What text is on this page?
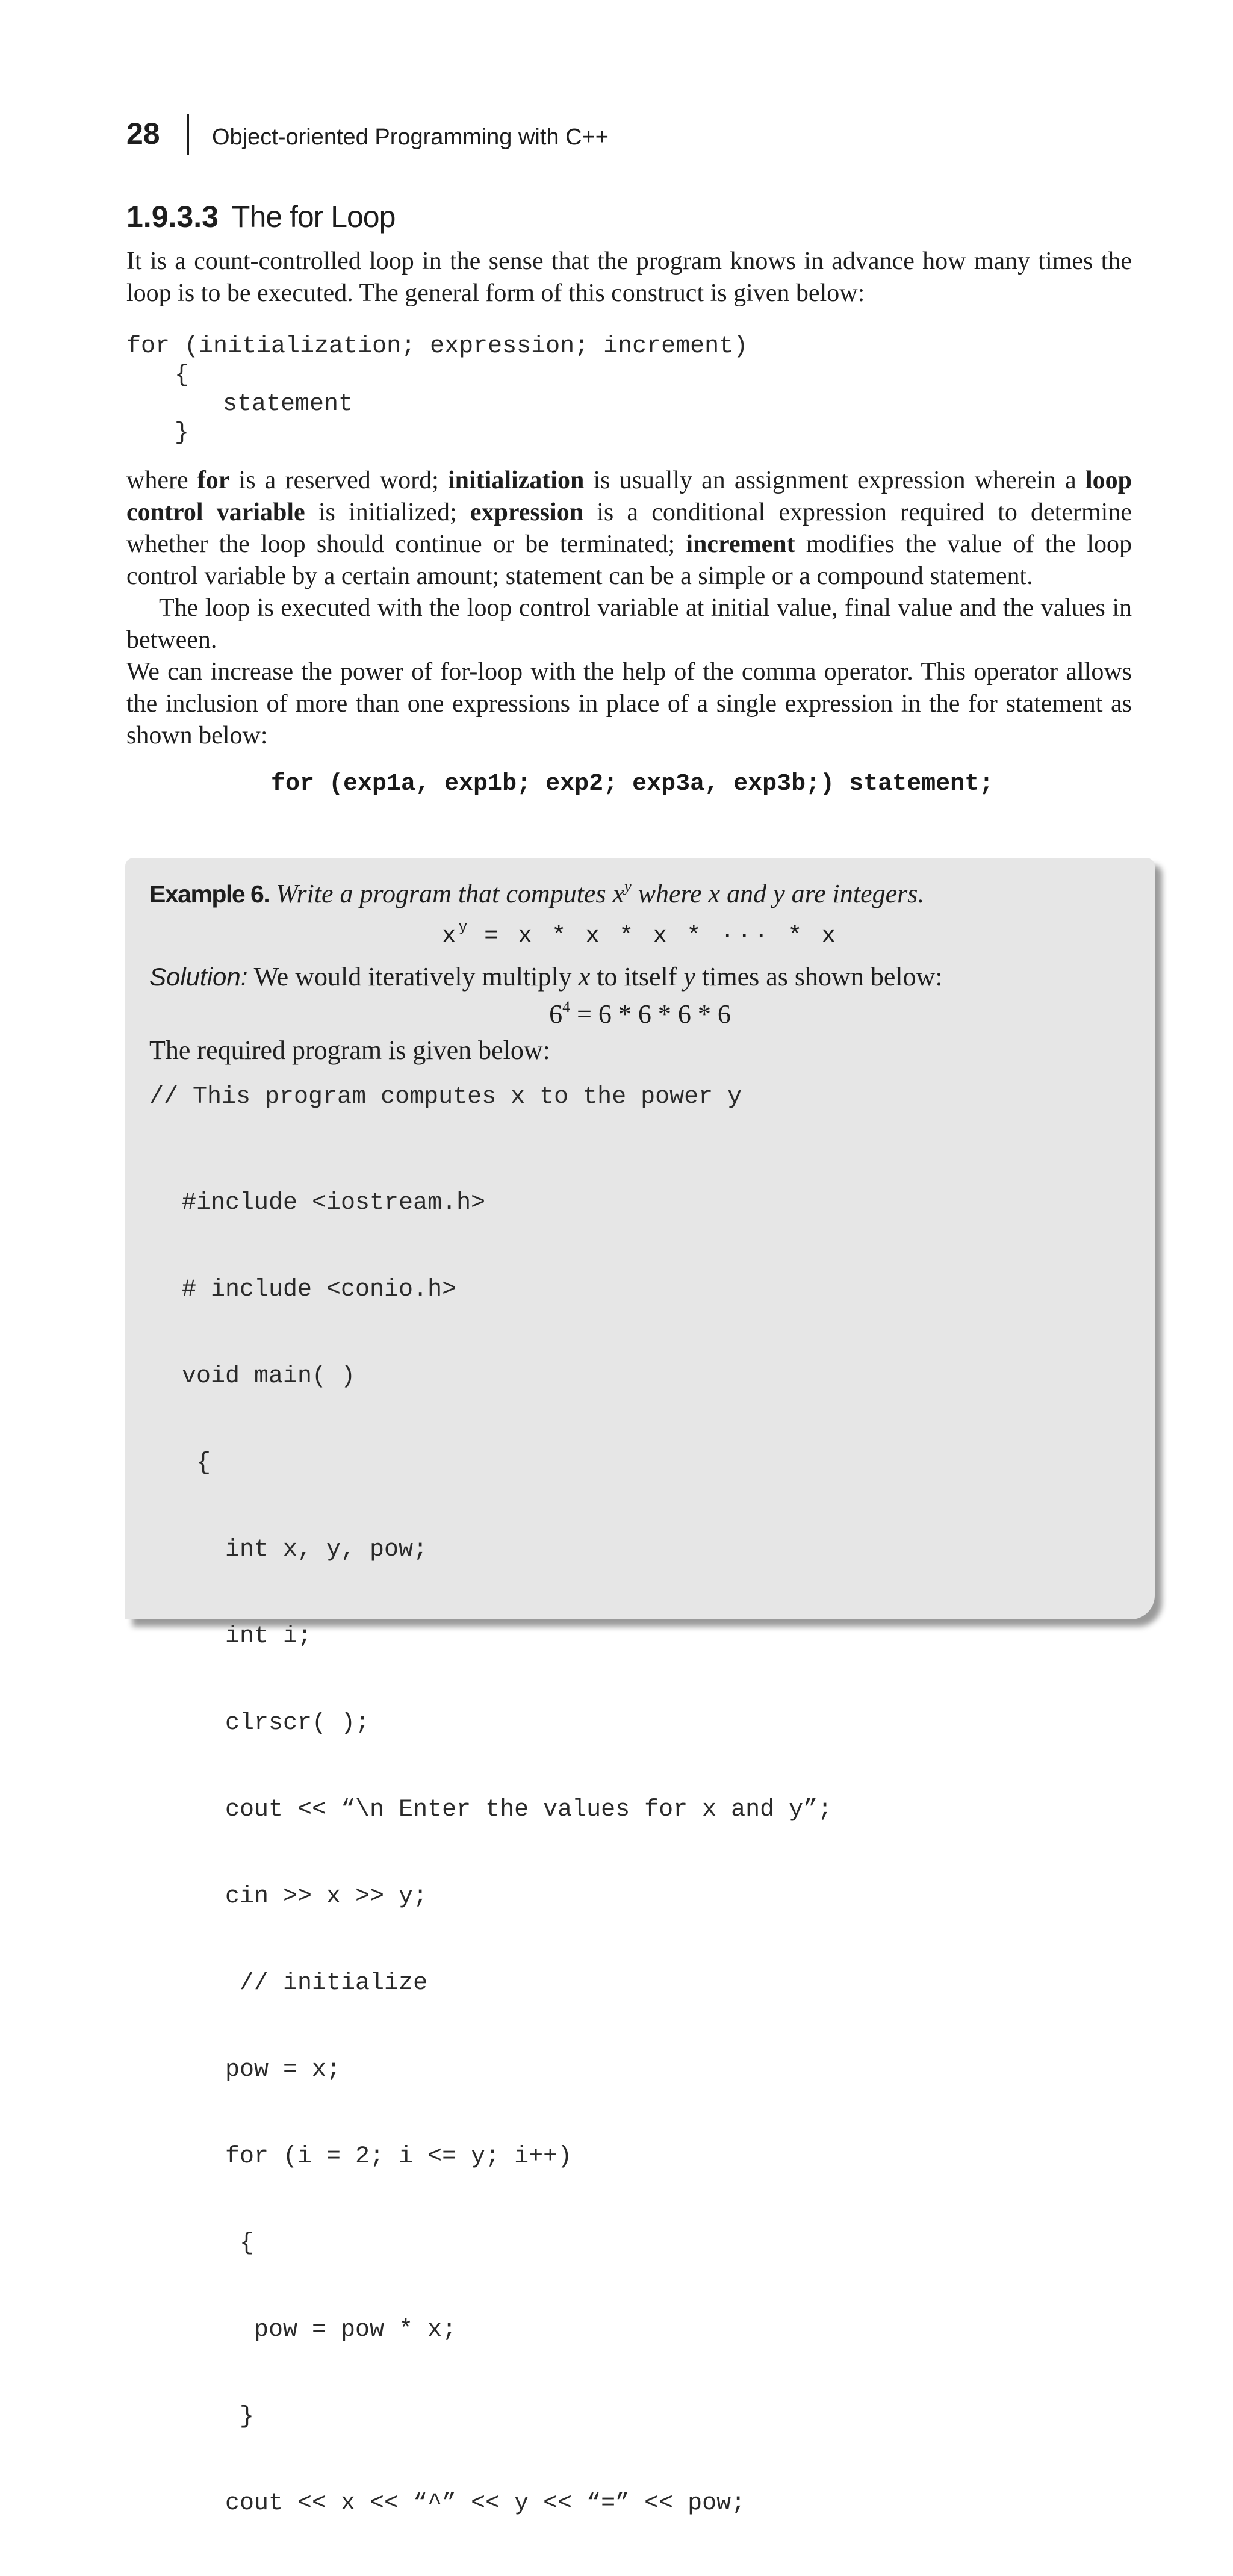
28 Object-oriented Programming with C++
1.9.3.3 The for Loop

It is a count-controlled loop in the sense that the program knows in advance how many times the loop is to be executed. The general form of this construct is given below:

for (initialization; expression; increment)
{
statement
}

where for is a reserved word; initialization is usually an assignment expression wherein a loop control variable is initialized; expression is a conditional expression required to determine whether the loop should continue or be terminated; increment modifies the value of the loop control variable by a certain amount; statement can be a simple or a compound statement.

The loop is executed with the loop control variable at initial value, final value and the values in between.

We can increase the power of for-loop with the help of the comma operator. This operator allows the inclusion of more than one expressions in place of a single expression in the for statement as shown below:

for (exp1a, exp1b; exp2; exp3a, exp3b;) statement;
Example 6. Write a program that computes $x^y$ where x and y are integers.
$x^y = x * x * x$ * ··· * x
Solution: We would iteratively multiply x to itself y times as shown below:
$6^4 = 6 * 6 * 6 * 6$
The required program is given below:
// This program computes x to the power y

#include <iostream.h>

# include <conio.h>

void main( )

{

int x, y, pow;

int i;

clrscr( );

cout << “\n Enter the values for x and y”;

cin >> x >> y;

// initialize

pow = x;

for (i = 2; i <= y; i++)

{

pow = pow * x;

}

cout << x << “^” << y << “=” << pow;
